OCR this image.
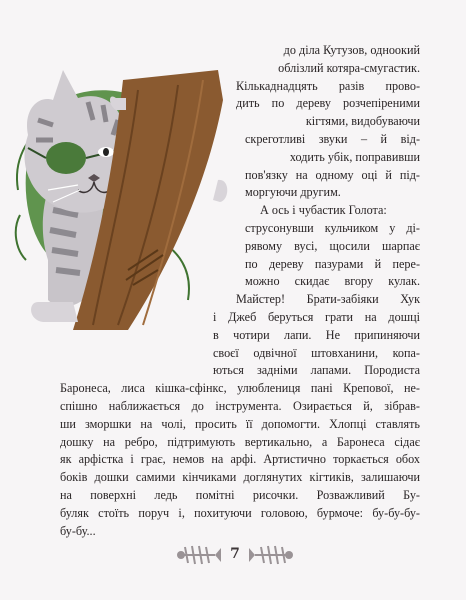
до діла Кутузов, одноокий
облізлий котяра-смугастик.
Кількаднадцять разів прово-
дить по дереву розчепіреними
кігтями, видобуваючи
скреготливі звуки – й від-
ходить убік, поправивши
пов'язку на одному оці й під-
моргуючи другим.
А ось і чубастик Голота:
струсонувши кульчиком у ді-
рявому вусі, щосили шарпає
по дереву пазурами й пере-
можно скидає вгору кулак.
Майстер! Брати-забіяки Хук
і Джеб беруться грати на дошці
в чотири лапи. Не припиняючи
своєї одвічної штовханини, копа-
ються задніми лапами. Породиста
Баронеса, лиса кішка-сфінкс, улюблениця пані Крепової, не-
спішно наближається до інструмента. Озирається й, зібрав-
ши зморшки на чолі, просить її допомогти. Хлопці ставлять
дошку на ребро, підтримують вертикально, а Баронеса сідає
як арфістка і грає, немов на арфі. Артистично торкається обох
боків дошки самими кінчиками доглянутих кігтиків, залишаючи
на поверхні ледь помітні рисочки. Розважливий Бу-
буляк стоїть поруч і, похитуючи головою, бурмоче: бу-бу-бу-
бу-бу...
7
